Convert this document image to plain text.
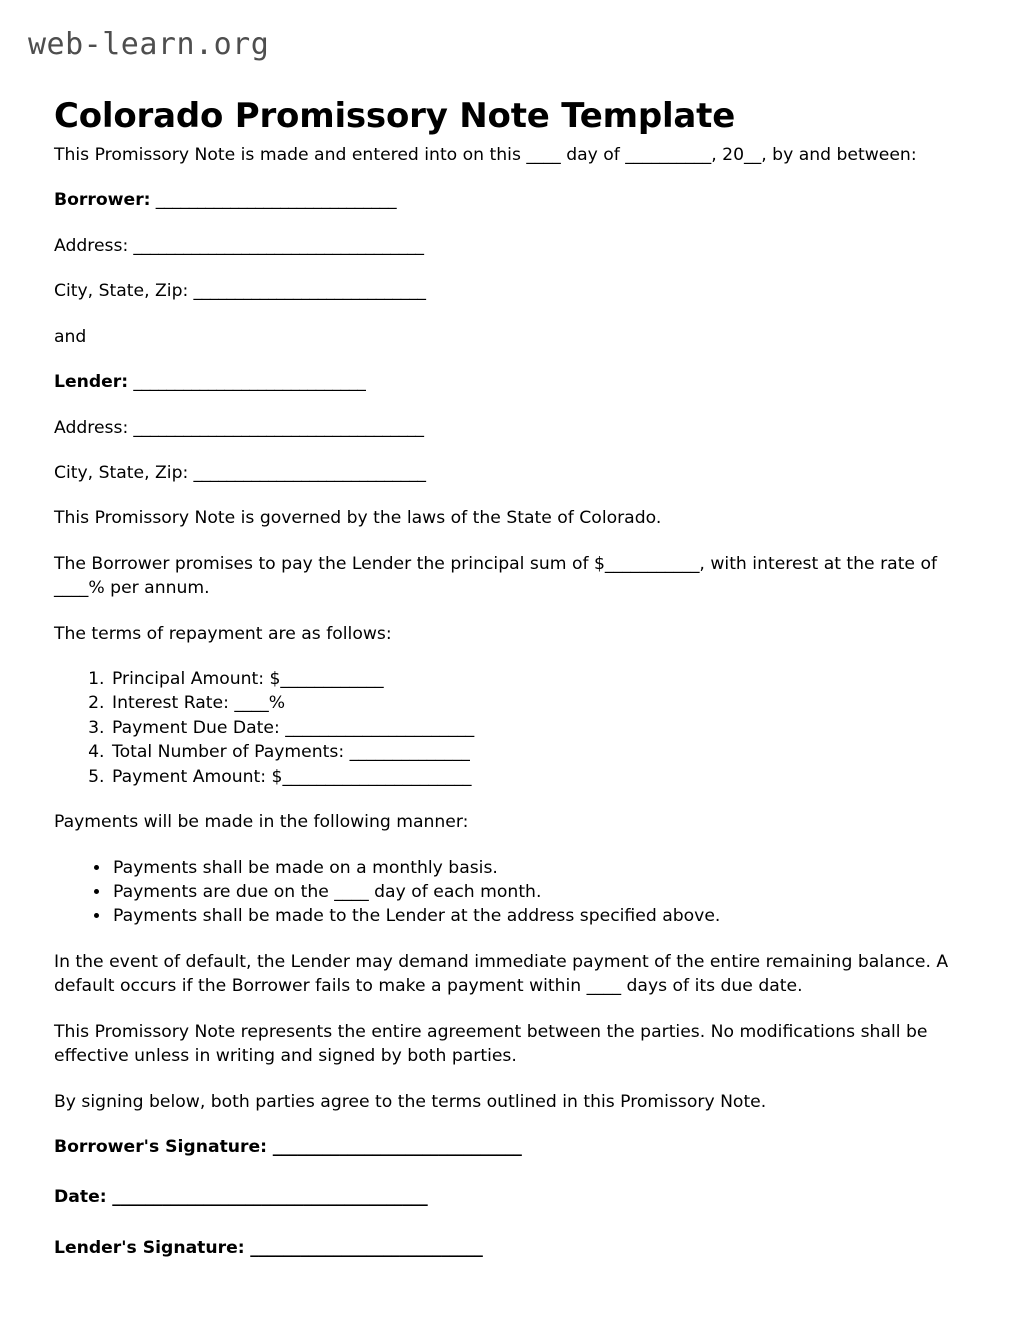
web-learn.org
Colorado Promissory Note Template

This Promissory Note is made and entered into on this ____ day of __________, 20__, by and between:

Borrower: _____________________________

Address: ___________________________________

City, State, Zip: ____________________________

and

Lender: ____________________________

Address: ___________________________________

City, State, Zip: ____________________________

This Promissory Note is governed by the laws of the State of Colorado.

The Borrower promises to pay the Lender the principal sum of $___________, with interest at the rate of ____% per annum.

The terms of repayment are as follows:

1. Principal Amount: $____________
2. Interest Rate: ____%
3. Payment Due Date: ______________________
4. Total Number of Payments: ______________
5. Payment Amount: $______________________

Payments will be made in the following manner:

• Payments shall be made on a monthly basis.
• Payments are due on the ____ day of each month.
• Payments shall be made to the Lender at the address specified above.

In the event of default, the Lender may demand immediate payment of the entire remaining balance. A default occurs if the Borrower fails to make a payment within ____ days of its due date.

This Promissory Note represents the entire agreement between the parties. No modifications shall be effective unless in writing and signed by both parties.

By signing below, both parties agree to the terms outlined in this Promissory Note.

Borrower's Signature: ______________________________

Date: ______________________________________

Lender's Signature: ____________________________
